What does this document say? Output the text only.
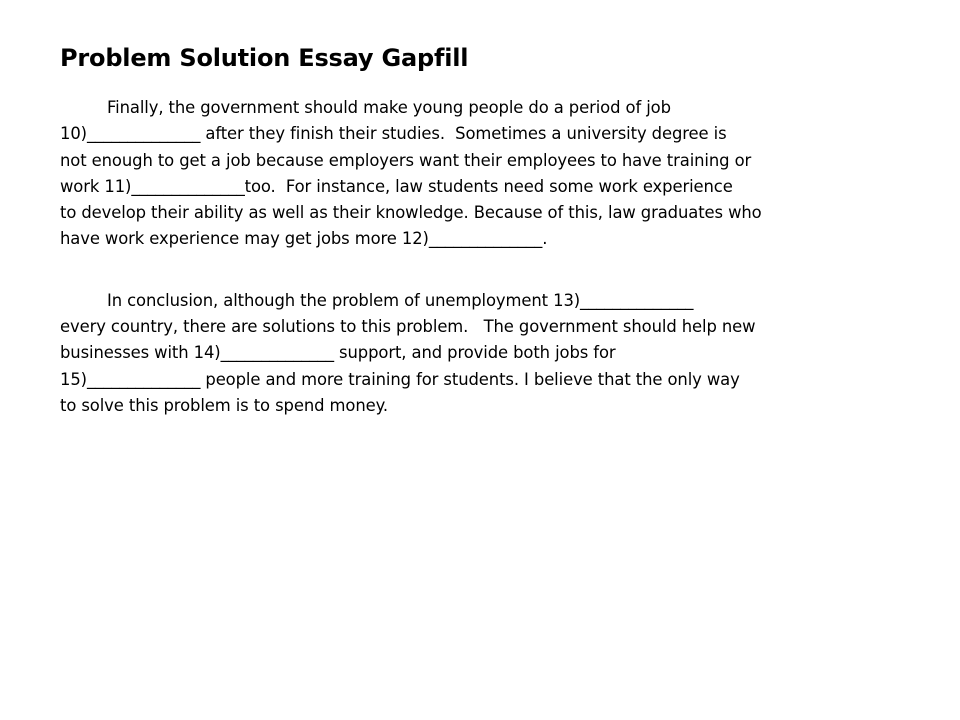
Problem Solution Essay Gapfill
Finally, the government should make young people do a period of job
10)______________ after they finish their studies.  Sometimes a university degree is
not enough to get a job because employers want their employees to have training or
work 11)______________too.  For instance, law students need some work experience
to develop their ability as well as their knowledge. Because of this, law graduates who
have work experience may get jobs more 12)______________.
In conclusion, although the problem of unemployment 13)______________
every country, there are solutions to this problem.   The government should help new
businesses with 14)______________ support, and provide both jobs for
15)______________ people and more training for students. I believe that the only way
to solve this problem is to spend money.
